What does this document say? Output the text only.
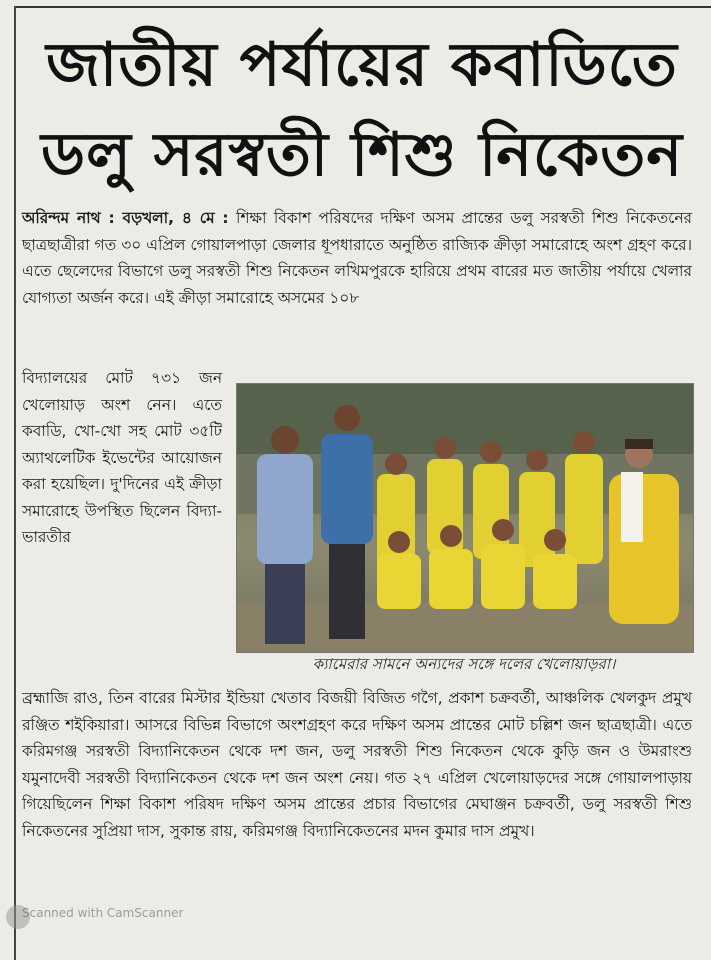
জাতীয় পর্যায়ের কবাডিতে
ডলু সরস্বতী শিশু নিকেতন
অরিন্দম নাথ : বড়খলা, ৪ মে : শিক্ষা বিকাশ পরিষদের দক্ষিণ অসম প্রান্তের ডলু সরস্বতী শিশু নিকেতনের ছাত্রছাত্রীরা গত ৩০ এপ্রিল গোয়ালপাড়া জেলার ধূপধারাতে অনুষ্ঠিত রাজ্যিক ক্রীড়া সমারোহে অংশ গ্রহণ করে। এতে ছেলেদের বিভাগে ডলু সরস্বতী শিশু নিকেতন লখিমপুরকে হারিয়ে প্রথম বারের মত জাতীয় পর্যায়ে খেলার যোগ্যতা অর্জন করে। এই ক্রীড়া সমারোহে অসমের ১০৮
বিদ্যালয়ের মোট ৭৩১ জন খেলোয়াড় অংশ নেন। এতে কবাডি, খো-খো সহ মোট ৩৫টি অ্যাথলেটিক ইভেন্টের আয়োজন করা হয়েছিল। দু'দিনের এই ক্রীড়া সমারোহে উপস্থিত ছিলেন বিদ্যা-ভারতীর
ক্যামেরার সামনে অন্যদের সঙ্গে দলের খেলোয়াড়রা।
ব্রহ্মাজি রাও, তিন বারের মিস্টার ইন্ডিয়া খেতাব বিজয়ী বিজিত গগৈ, প্রকাশ চক্রবর্তী, আঞ্চলিক খেলকুদ প্রমুখ রঞ্জিত শইকিয়ারা। আসরে বিভিন্ন বিভাগে অংশগ্রহণ করে দক্ষিণ অসম প্রান্তের মোট চল্লিশ জন ছাত্রছাত্রী। এতে করিমগঞ্জ সরস্বতী বিদ্যানিকেতন থেকে দশ জন, ডলু সরস্বতী শিশু নিকেতন থেকে কুড়ি জন ও উমরাংশু যমুনাদেবী সরস্বতী বিদ্যানিকেতন থেকে দশ জন অংশ নেয়। গত ২৭ এপ্রিল খেলোয়াড়দের সঙ্গে গোয়ালপাড়ায় গিয়েছিলেন শিক্ষা বিকাশ পরিষদ দক্ষিণ অসম প্রান্তের প্রচার বিভাগের মেঘাঞ্জন চক্রবর্তী, ডলু সরস্বতী শিশু নিকেতনের সুপ্রিয়া দাস, সুকান্ত রায়, করিমগঞ্জ বিদ্যানিকেতনের মদন কুমার দাস প্রমুখ।
Scanned with CamScanner
